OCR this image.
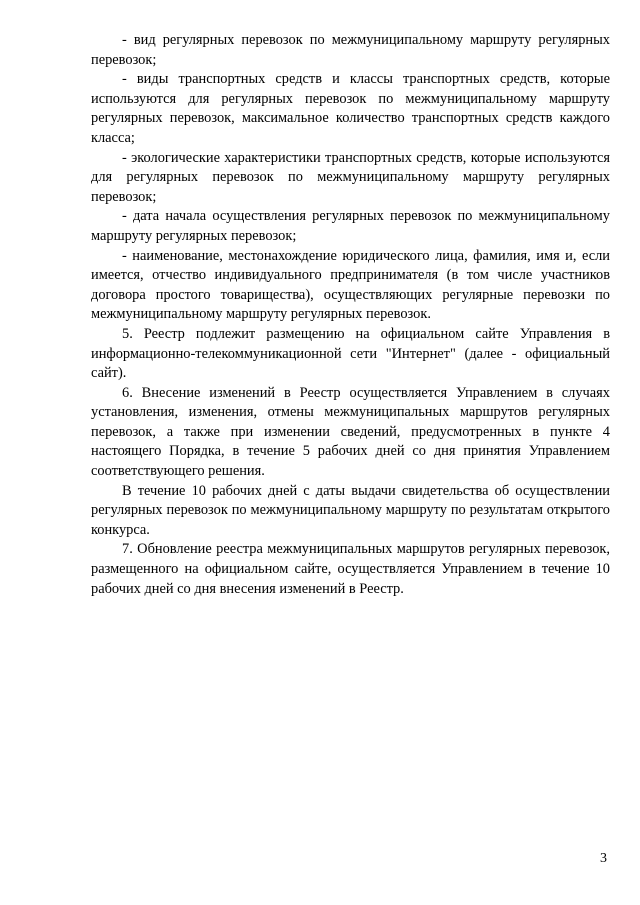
- вид регулярных перевозок по межмуниципальному маршруту регулярных перевозок;

- виды транспортных средств и классы транспортных средств, которые используются для регулярных перевозок по межмуниципальному маршруту регулярных перевозок, максимальное количество транспортных средств каждого класса;

- экологические характеристики транспортных средств, которые используются для регулярных перевозок по межмуниципальному маршруту регулярных перевозок;

- дата начала осуществления регулярных перевозок по межмуниципальному маршруту регулярных перевозок;

- наименование, местонахождение юридического лица, фамилия, имя и, если имеется, отчество индивидуального предпринимателя (в том числе участников договора простого товарищества), осуществляющих регулярные перевозки по межмуниципальному маршруту регулярных перевозок.

5. Реестр подлежит размещению на официальном сайте Управления в информационно-телекоммуникационной сети "Интернет" (далее - официальный сайт).

6. Внесение изменений в Реестр осуществляется Управлением в случаях установления, изменения, отмены межмуниципальных маршрутов регулярных перевозок, а также при изменении сведений, предусмотренных в пункте 4 настоящего Порядка, в течение 5 рабочих дней со дня принятия Управлением соответствующего решения.

В течение 10 рабочих дней с даты выдачи свидетельства об осуществлении регулярных перевозок по межмуниципальному маршруту по результатам открытого конкурса.

7. Обновление реестра межмуниципальных маршрутов регулярных перевозок, размещенного на официальном сайте, осуществляется Управлением в течение 10 рабочих дней со дня внесения изменений в Реестр.

3
